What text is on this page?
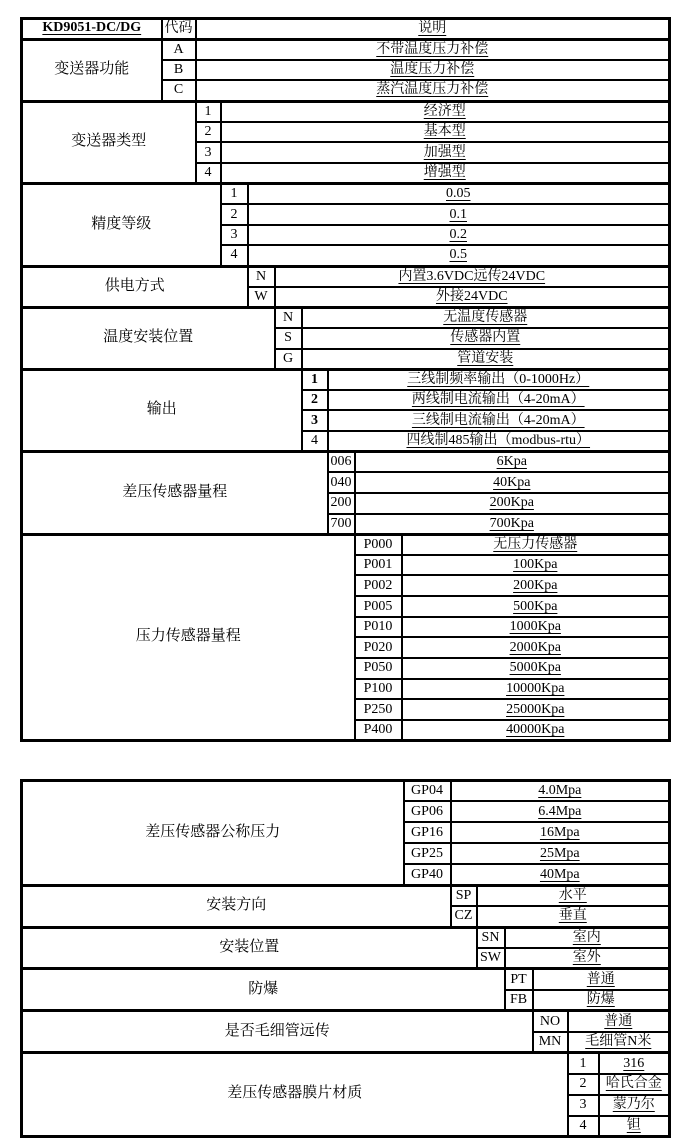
KD9051-DC/DG	代码	说明							
变送器功能	A	不带温度压力补偿							
	B	温度压力补偿							
	C	蒸汽温度压力补偿							
变送器类型		1	经济型						
		2	基本型						
		3	加强型						
		4	增强型						
精度等级			1	0.05					
			2	0.1					
			3	0.2					
			4	0.5					
供电方式				N	内置3.6VDC远传24VDC				
				W	外接24VDC				
温度安装位置					N	无温度传感器			
					S	传感器内置			
					G	管道安装			
输出						1	三线制频率输出（0-1000Hz）		
						2	两线制电流输出（4-20mA）		
						3	三线制电流输出（4-20mA）		
						4	四线制485输出（modbus-rtu）		
差压传感器量程							006	6Kpa	
							040	40Kpa	
							200	200Kpa	
							700	700Kpa	
压力传感器量程								P000	无压力传感器
								P001	100Kpa
								P002	200Kpa
								P005	500Kpa
								P010	1000Kpa
								P020	2000Kpa
								P050	5000Kpa
								P100	10000Kpa
								P250	25000Kpa
								P400	40000Kpa
差压传感器公称压力	GP04	4.0Mpa					
	GP06	6.4Mpa					
	GP16	16Mpa					
	GP25	25Mpa					
	GP40	40Mpa					
安装方向		SP	水平				
		CZ	垂直				
安装位置			SN	室内			
			SW	室外			
防爆				PT	普通		
				FB	防爆		
是否毛细管远传					NO	普通	
					MN	毛细管N米	
差压传感器膜片材质						1	316
						2	哈氏合金
						3	蒙乃尔
						4	钽
